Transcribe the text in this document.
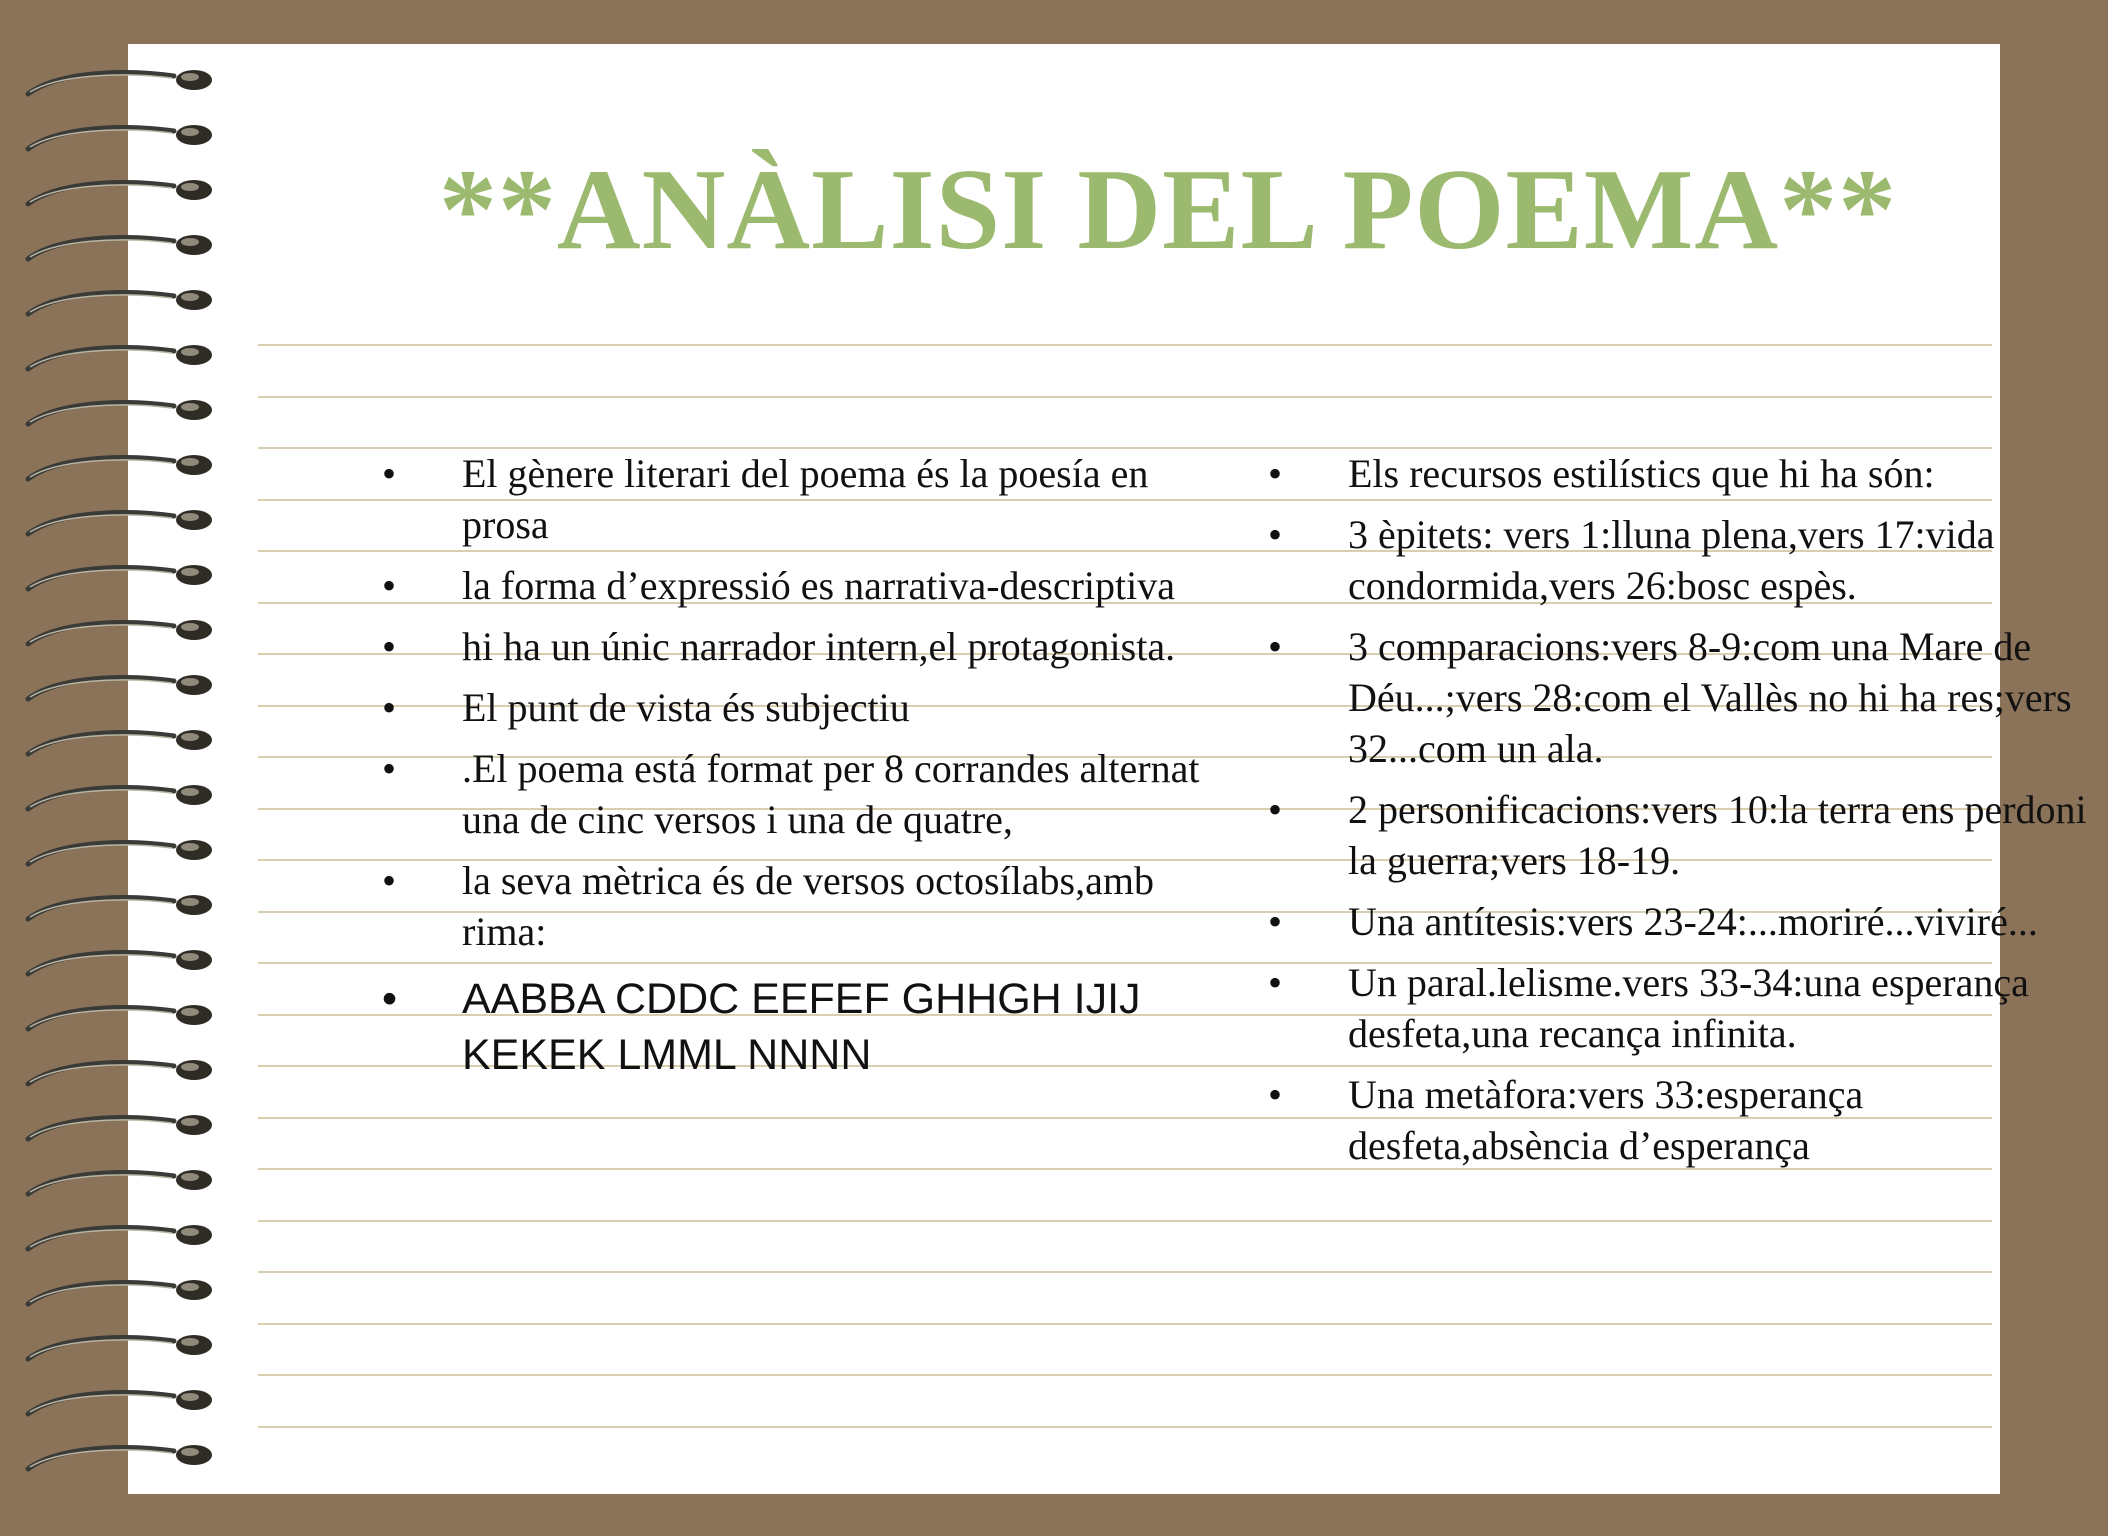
**ANÀLISI DEL POEMA**
•	El gènere literari del poema és la poesía en prosa
•	la forma d’expressió es narrativa-descriptiva
•	hi ha un únic narrador intern,el protagonista.
•	El punt de vista és subjectiu
•	.El poema está format per 8 corrandes alternat una de cinc versos i una de quatre,
•	la seva mètrica és de versos octosílabs,amb rima:
•	AABBA CDDC EEFEF GHHGH IJIJ KEKEK LMML NNNN
•	Els recursos estilístics que hi ha són:
•	3 èpitets: vers 1:lluna plena,vers 17:vida condormida,vers 26:bosc espès.
•	3 comparacions:vers 8-9:com una Mare de Déu...;vers 28:com el Vallès no hi ha res;vers 32...com un ala.
•	2 personificacions:vers 10:la terra ens perdoni la guerra;vers 18-19.
•	Una antítesis:vers 23-24:...moriré...viviré...
•	Un paral.lelisme.vers 33-34:una esperança desfeta,una recança infinita.
•	Una metàfora:vers 33:esperança desfeta,absència d’esperança
